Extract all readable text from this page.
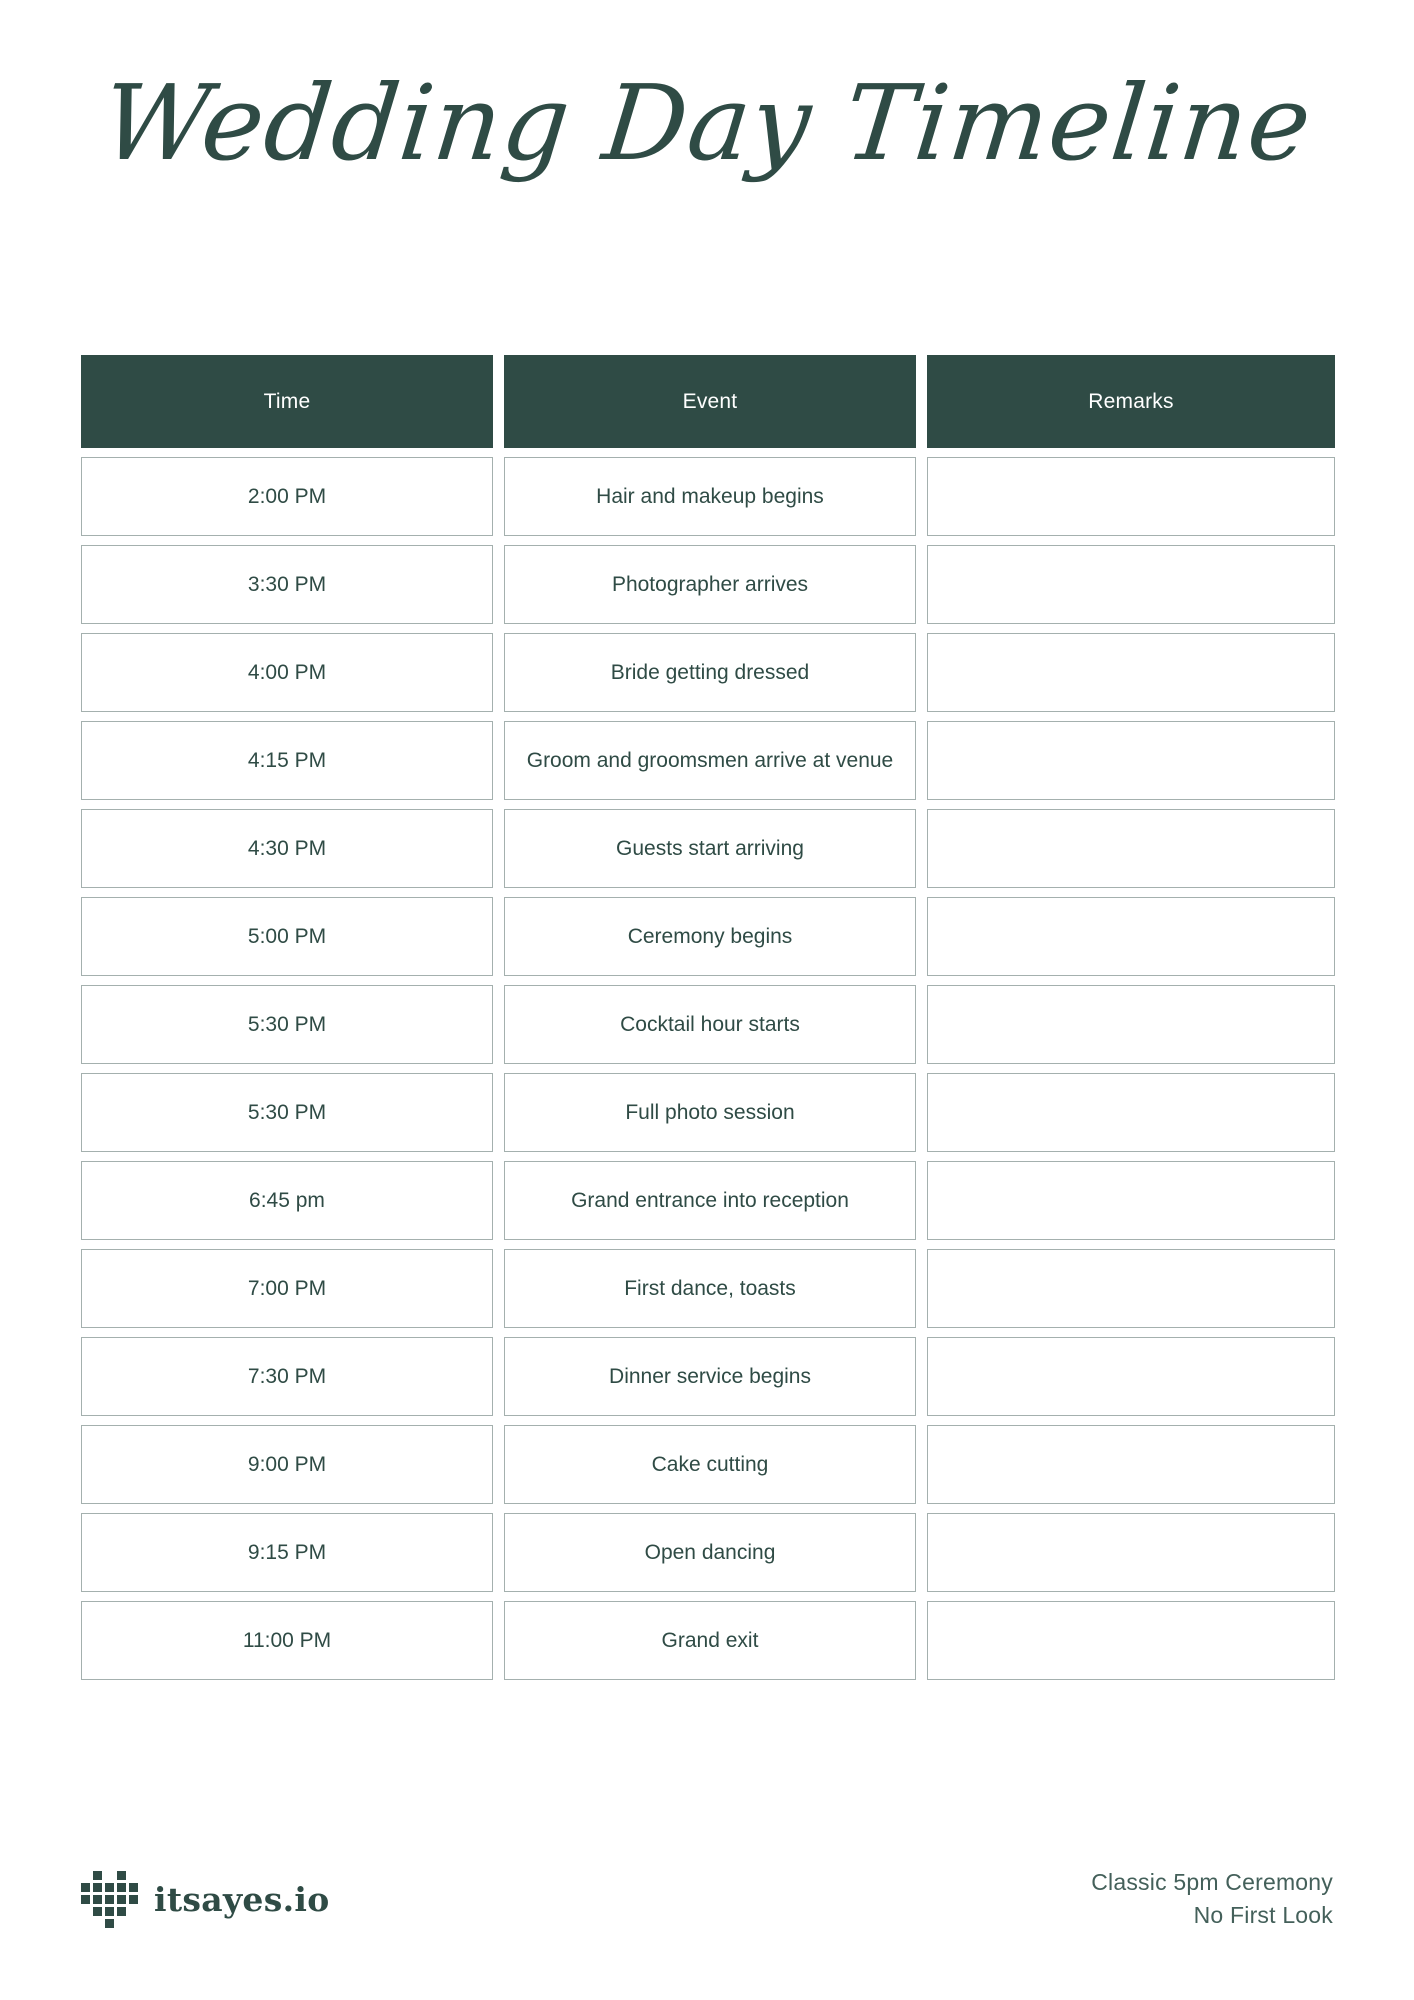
Wedding Day Timeline
Time	Event	Remarks
2:00 PM	Hair and makeup begins
3:30 PM	Photographer arrives
4:00 PM	Bride getting dressed
4:15 PM	Groom and groomsmen arrive at venue
4:30 PM	Guests start arriving
5:00 PM	Ceremony begins
5:30 PM	Cocktail hour starts
5:30 PM	Full photo session
6:45 pm	Grand entrance into reception
7:00 PM	First dance, toasts
7:30 PM	Dinner service begins
9:00 PM	Cake cutting
9:15 PM	Open dancing
11:00 PM	Grand exit
itsayes.io	Classic 5pm Ceremony
No First Look
